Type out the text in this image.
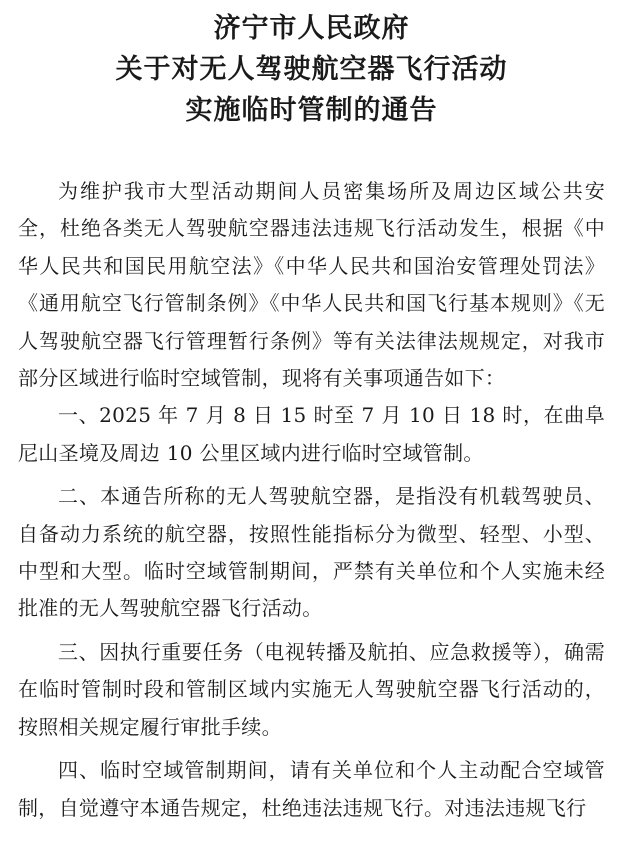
济宁市人民政府
关于对无人驾驶航空器飞行活动
实施临时管制的通告

为维护我市大型活动期间人员密集场所及周边区域公共安全，杜绝各类无人驾驶航空器违法违规飞行活动发生，根据《中华人民共和国民用航空法》《中华人民共和国治安管理处罚法》《通用航空飞行管制条例》《中华人民共和国飞行基本规则》《无人驾驶航空器飞行管理暂行条例》等有关法律法规规定，对我市部分区域进行临时空域管制，现将有关事项通告如下：

一、2025 年 7 月 8 日 15 时至 7 月 10 日 18 时，在曲阜尼山圣境及周边 10 公里区域内进行临时空域管制。

二、本通告所称的无人驾驶航空器，是指没有机载驾驶员、自备动力系统的航空器，按照性能指标分为微型、轻型、小型、中型和大型。临时空域管制期间，严禁有关单位和个人实施未经批准的无人驾驶航空器飞行活动。

三、因执行重要任务（电视转播及航拍、应急救援等），确需在临时管制时段和管制区域内实施无人驾驶航空器飞行活动的，按照相关规定履行审批手续。

四、临时空域管制期间，请有关单位和个人主动配合空域管制，自觉遵守本通告规定，杜绝违法违规飞行。对违法违规飞行
